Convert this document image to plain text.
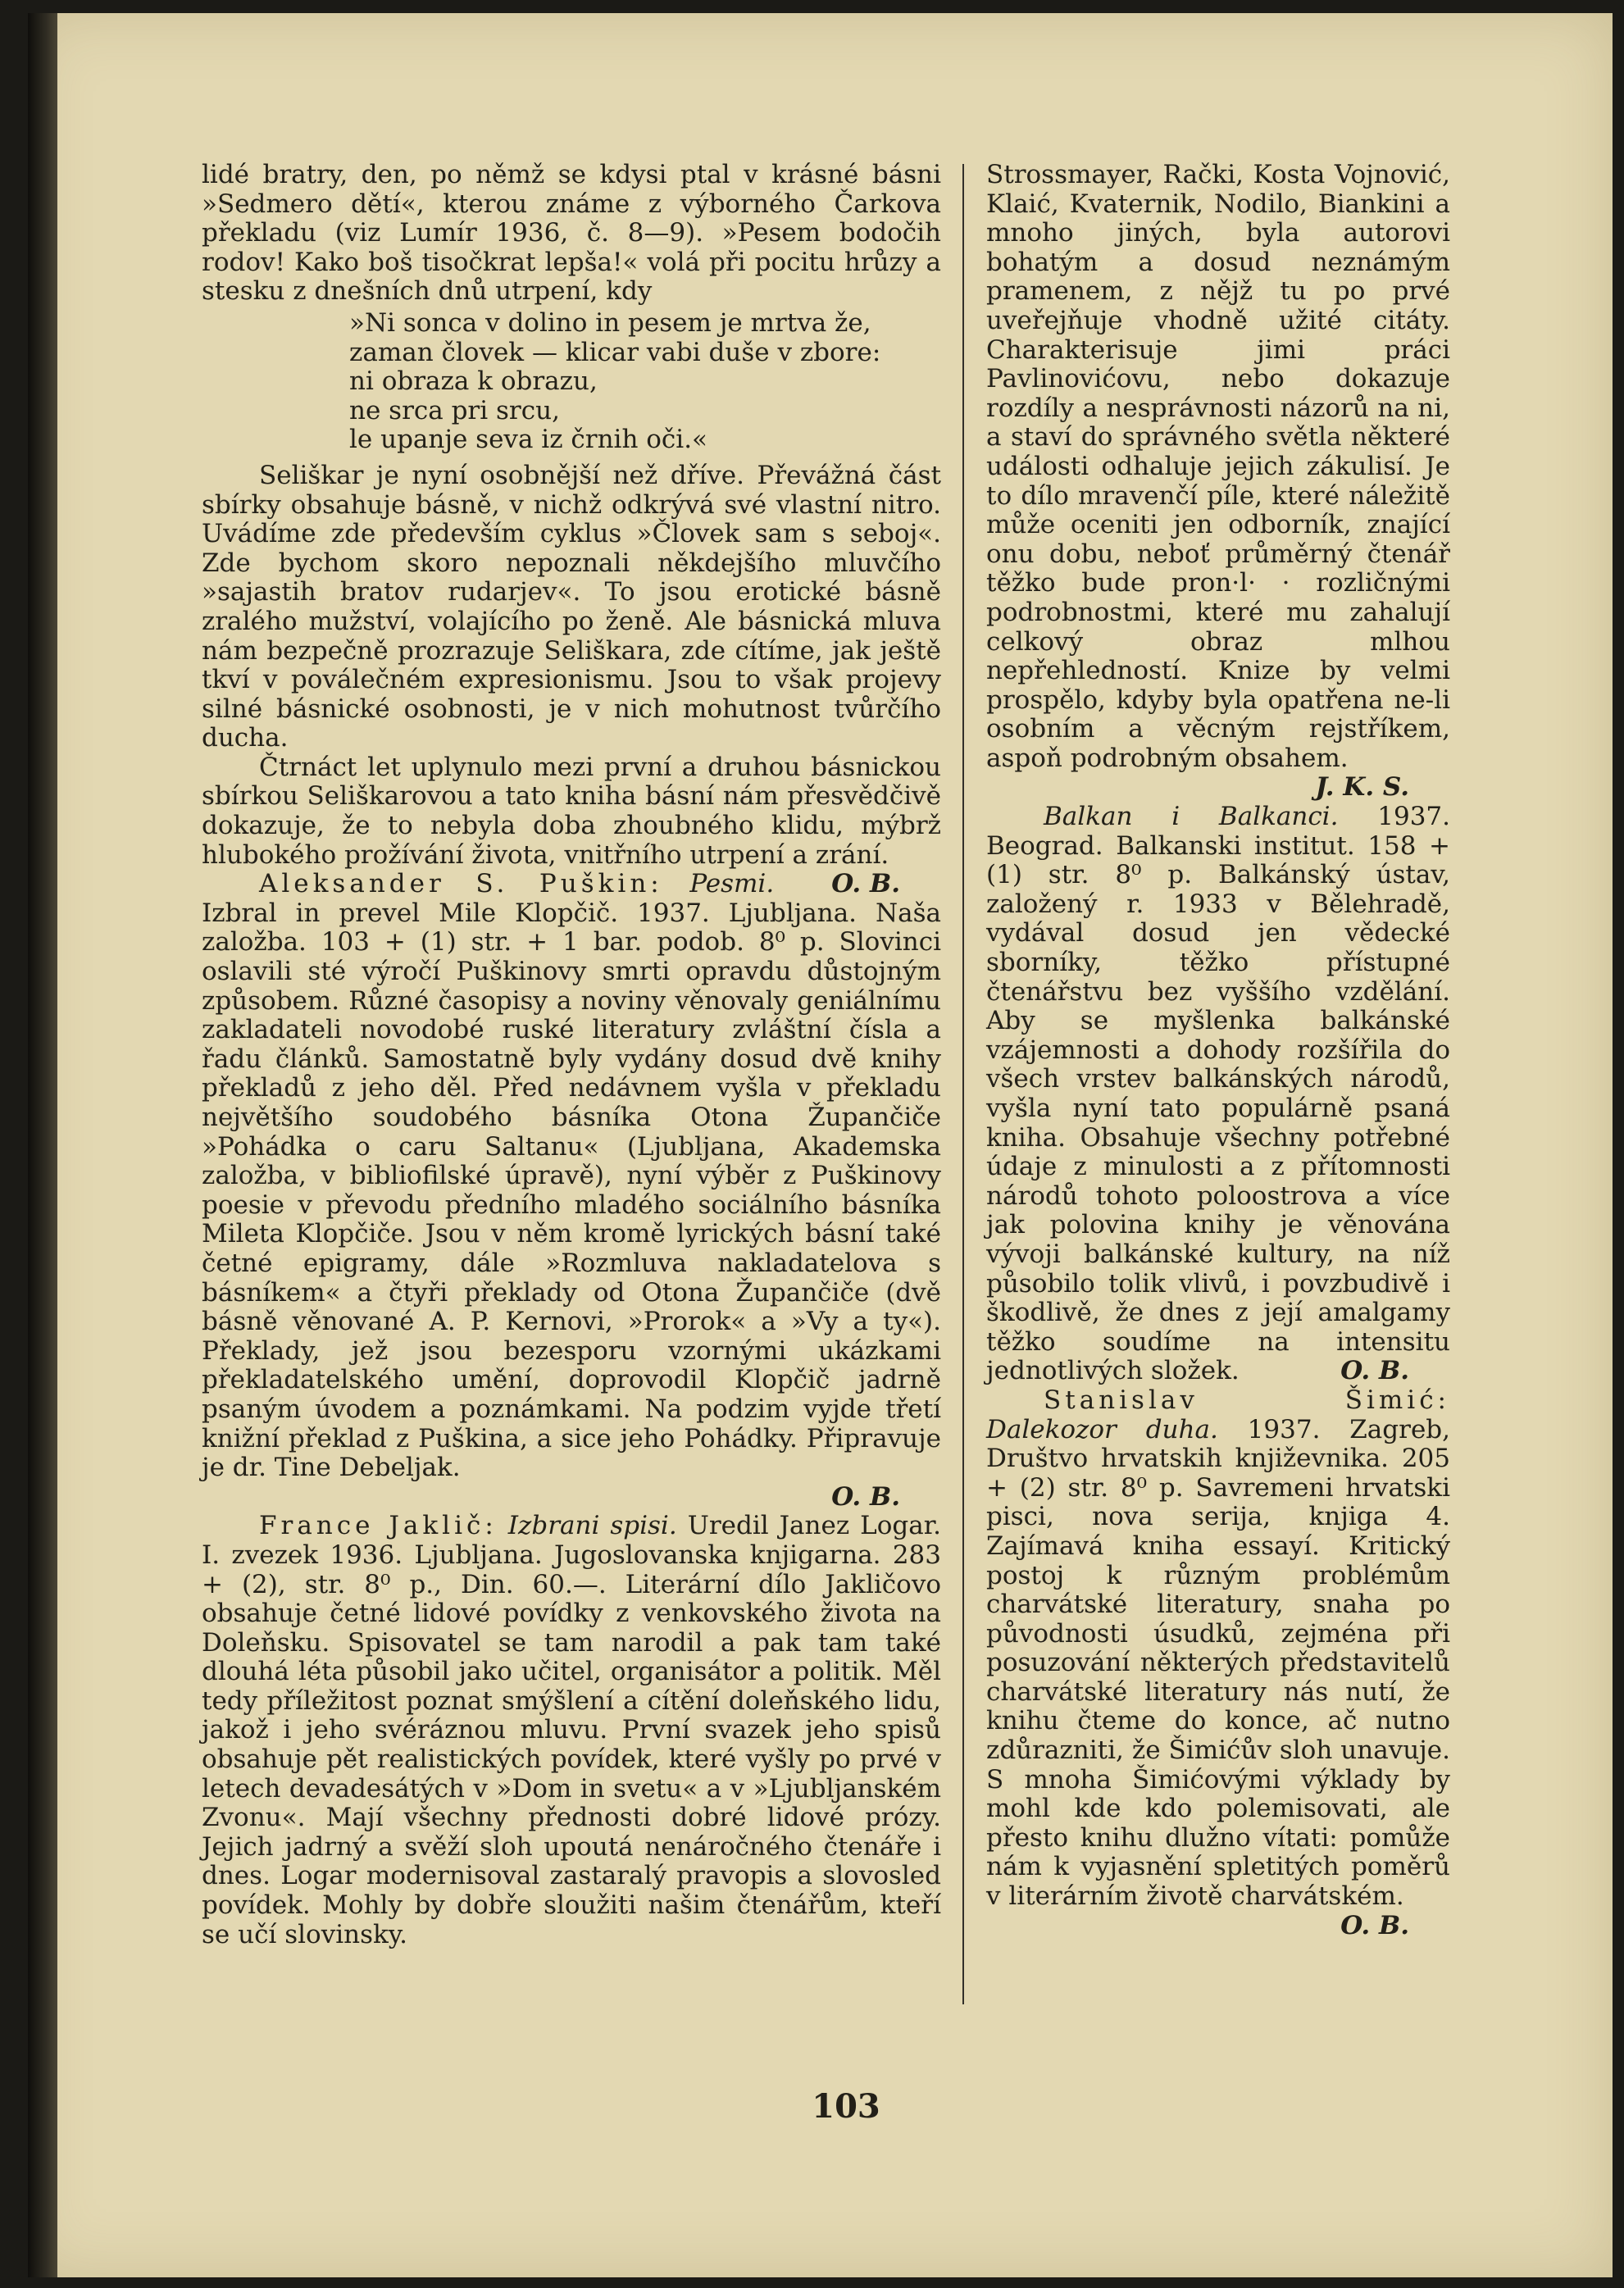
lidé bratry, den, po němž se kdysi ptal v krásné básni »Sedmero dětí«, kterou známe z výborného Čarkova překladu (viz Lumír 1936, č. 8—9). »Pesem bodočih rodov! Kako boš tisočkrat lepša!« volá při pocitu hrůzy a stesku z dnešních dnů utrpení, kdy

»Ni sonca v dolino in pesem je mrtva že,
zaman človek — klicar vabi duše v zbore:
ni obraza k obrazu,
ne srca pri srcu,
le upanje seva iz črnih oči.«

Seliškar je nyní osobnější než dříve. Převážná část sbírky obsahuje básně, v nichž odkrývá své vlastní nitro. Uvádíme zde především cyklus »Človek sam s seboj«. Zde bychom skoro nepoznali někdejšího mluvčího »sajastih bratov rudarjev«. To jsou erotické básně zralého mužství, volajícího po ženě. Ale básnická mluva nám bezpečně prozrazuje Seliškara, zde cítíme, jak ještě tkví v poválečném expresionismu. Jsou to však projevy silné básnické osobnosti, je v nich mohutnost tvůrčího ducha.

Čtrnáct let uplynulo mezi první a druhou básnickou sbírkou Seliškarovou a tato kniha básní nám přesvědčivě dokazuje, že to nebyla doba zhoubného klidu, mýbrž hlubokého prožívání života, vnitřního utrpení a zrání.
O. B.

Aleksander S. Puškin: Pesmi. Izbral in prevel Mile Klopčič. 1937. Ljubljana. Naša založba. 103 + (1) str. + 1 bar. podob. 8⁰ p. Slovinci oslavili sté výročí Puškinovy smrti opravdu důstojným způsobem. Různé časopisy a noviny věnovaly geniálnímu zakladateli novodobé ruské literatury zvláštní čísla a řadu článků. Samostatně byly vydány dosud dvě knihy překladů z jeho děl. Před nedávnem vyšla v překladu největšího soudobého básníka Otona Župančiče »Pohádka o caru Saltanu« (Ljubljana, Akademska založba, v bibliofilské úpravě), nyní výběr z Puškinovy poesie v převodu předního mladého sociálního básníka Mileta Klopčiče. Jsou v něm kromě lyrických básní také četné epigramy, dále »Rozmluva nakladatelova s básníkem« a čtyři překlady od Otona Župančiče (dvě básně věnované A. P. Kernovi, »Prorok« a »Vy a ty«). Překlady, jež jsou bezesporu vzornými ukázkami překladatelského umění, doprovodil Klopčič jadrně psaným úvodem a poznámkami. Na podzim vyjde třetí knižní překlad z Puškina, a sice jeho Pohádky. Připravuje je dr. Tine Debeljak.

O. B.

France Jaklič: Izbrani spisi. Uredil Janez Logar. I. zvezek 1936. Ljubljana. Jugoslovanska knjigarna. 283 + (2), str. 8⁰ p., Din. 60.—. Literární dílo Jakličovo obsahuje četné lidové povídky z venkovského života na Doleňsku. Spisovatel se tam narodil a pak tam také dlouhá léta působil jako učitel, organisátor a politik. Měl tedy příležitost poznat smýšlení a cítění doleňského lidu, jakož i jeho svéráznou mluvu. První svazek jeho spisů obsahuje pět realistických povídek, které vyšly po prvé v letech devadesátých v »Dom in svetu« a v »Ljubljanském Zvonu«. Mají všechny přednosti dobré lidové prózy. Jejich jadrný a svěží sloh upoutá nenáročného čtenáře i dnes. Logar modernisoval zastaralý pravopis a slovosled povídek. Mohly by dobře sloužiti našim čtenářům, kteří se učí slovinsky.

Strossmayer, Rački, Kosta Vojnović, Klaić, Kvaternik, Nodilo, Biankini a mnoho jiných, byla autorovi bohatým a dosud neznámým pramenem, z nějž tu po prvé uveřejňuje vhodně užité citáty. Charakterisuje jimi práci Pavlinovićovu, nebo dokazuje rozdíly a nesprávnosti názorů na ni, a staví do správného světla některé události odhaluje jejich zákulisí. Je to dílo mravenčí píle, které náležitě může oceniti jen odborník, znající onu dobu, neboť průměrný čtenář těžko bude pron·l· · rozličnými podrobnostmi, které mu zahalují celkový obraz mlhou nepřehledností. Knize by velmi prospělo, kdyby byla opatřena ne-li osobním a věcným rejstříkem, aspoň podrobným obsahem.

J. K. S.

Balkan i Balkanci. 1937. Beograd. Balkanski institut. 158 + (1) str. 8⁰ p. Balkánský ústav, založený r. 1933 v Bělehradě, vydával dosud jen vědecké sborníky, těžko přístupné čtenářstvu bez vyššího vzdělání. Aby se myšlenka balkánské vzájemnosti a dohody rozšířila do všech vrstev balkánských národů, vyšla nyní tato populárně psaná kniha. Obsahuje všechny potřebné údaje z minulosti a z přítomnosti národů tohoto poloostrova a více jak polovina knihy je věnována vývoji balkánské kultury, na níž působilo tolik vlivů, i povzbudivě i škodlivě, že dnes z její amalgamy těžko soudíme na intensitu jednotlivých složek.	O. B.

Stanislav Šimić: Dalekozor duha. 1937. Zagreb, Društvo hrvatskih književnika. 205 + (2) str. 8⁰ p. Savremeni hrvatski pisci, nova serija, knjiga 4. Zajímavá kniha essayí. Kritický postoj k různým problémům charvátské literatury, snaha po původnosti úsudků, zejména při posuzování některých představitelů charvátské literatury nás nutí, že knihu čteme do konce, ač nutno zdůrazniti, že Šimićův sloh unavuje. S mnoha Šimićovými výklady by mohl kde kdo polemisovati, ale přesto knihu dlužno vítati: pomůže nám k vyjasnění spletitých poměrů v literárním životě charvátském.

O. B.
103
